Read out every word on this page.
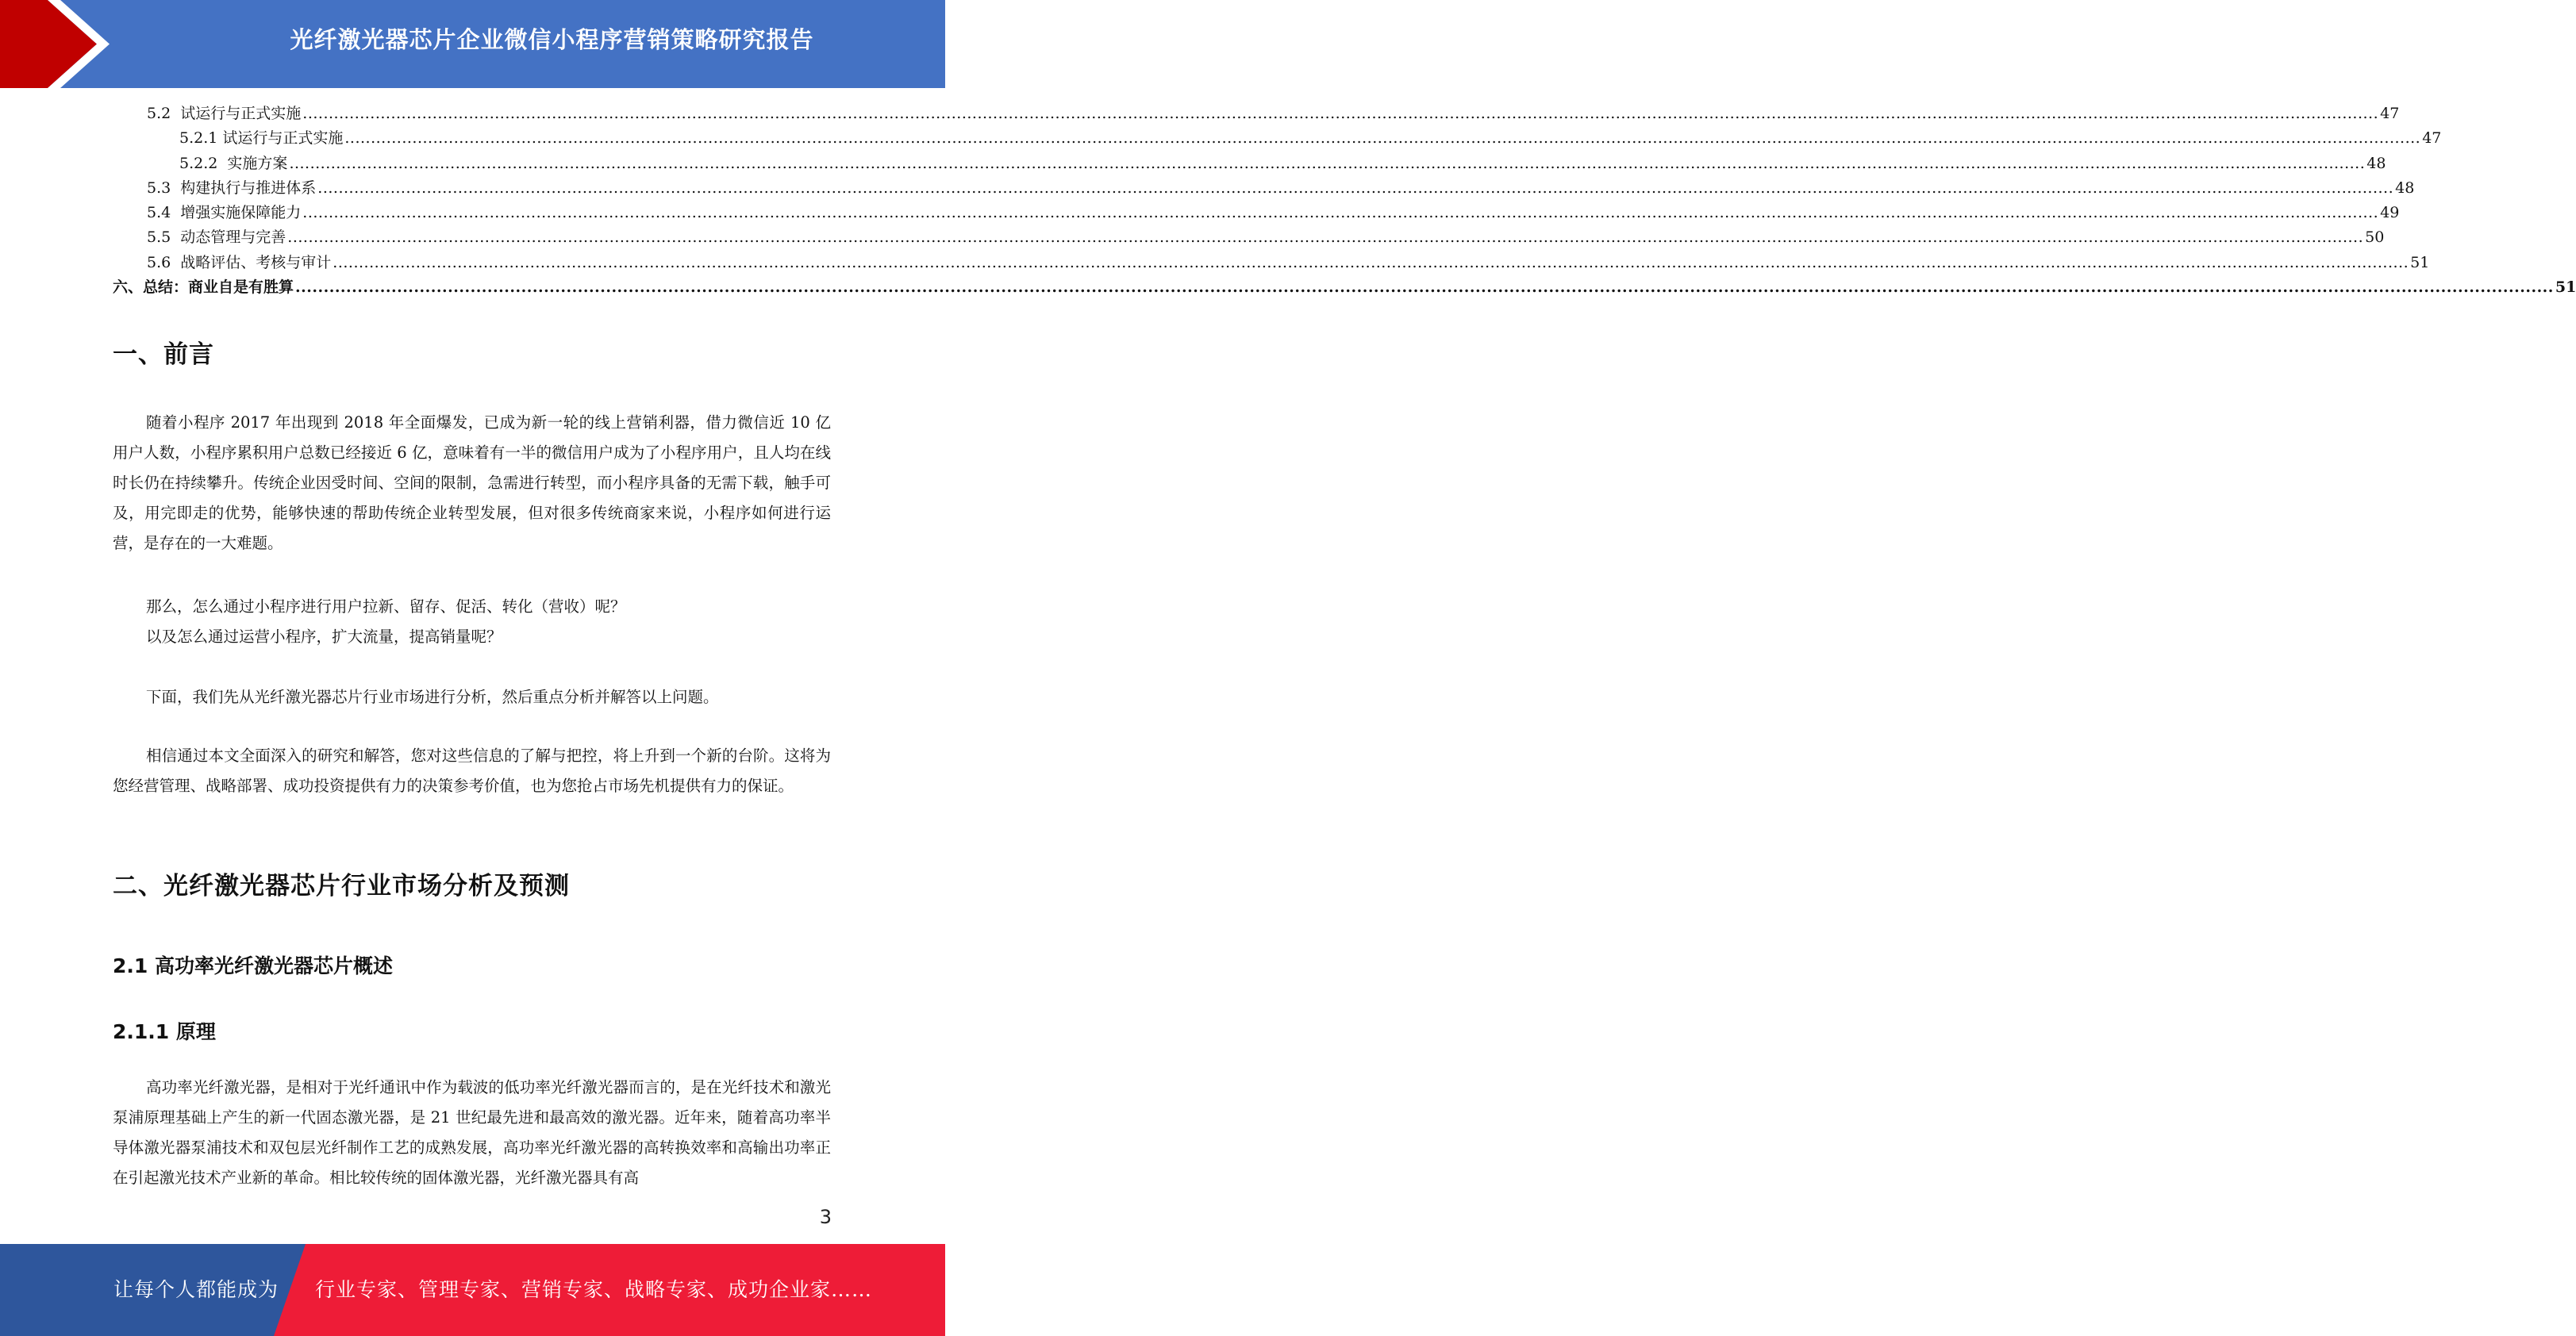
光纤激光器芯片企业微信小程序营销策略研究报告
5.2  试运行与正式实施 ................................................................................................................................................................................................................................................................................................................................................................................................................ 47
5.2.1 试运行与正式实施 ................................................................................................................................................................................................................................................................................................................................................................................................................ 47
5.2.2  实施方案 ................................................................................................................................................................................................................................................................................................................................................................................................................ 48
5.3  构建执行与推进体系 ................................................................................................................................................................................................................................................................................................................................................................................................................ 48
5.4  增强实施保障能力 ................................................................................................................................................................................................................................................................................................................................................................................................................ 49
5.5  动态管理与完善 ................................................................................................................................................................................................................................................................................................................................................................................................................ 50
5.6  战略评估、考核与审计 ................................................................................................................................................................................................................................................................................................................................................................................................................ 51
六、总结：商业自是有胜算 ................................................................................................................................................................................................................................................................................................................................................................................................................ 51
一、前言

随着小程序 2017 年出现到 2018 年全面爆发，已成为新一轮的线上营销利器，借力微信近 10 亿用户人数，小程序累积用户总数已经接近 6 亿，意味着有一半的微信用户成为了小程序用户，且人均在线时长仍在持续攀升。传统企业因受时间、空间的限制，急需进行转型，而小程序具备的无需下载，触手可及，用完即走的优势，能够快速的帮助传统企业转型发展，但对很多传统商家来说，小程序如何进行运营，是存在的一大难题。

那么，怎么通过小程序进行用户拉新、留存、促活、转化（营收）呢？

以及怎么通过运营小程序，扩大流量，提高销量呢？

下面，我们先从光纤激光器芯片行业市场进行分析，然后重点分析并解答以上问题。

相信通过本文全面深入的研究和解答，您对这些信息的了解与把控，将上升到一个新的台阶。这将为您经营管理、战略部署、成功投资提供有力的决策参考价值，也为您抢占市场先机提供有力的保证。

二、光纤激光器芯片行业市场分析及预测
2.1 高功率光纤激光器芯片概述
2.1.1 原理

高功率光纤激光器，是相对于光纤通讯中作为载波的低功率光纤激光器而言的，是在光纤技术和激光泵浦原理基础上产生的新一代固态激光器，是 21 世纪最先进和最高效的激光器。近年来，随着高功率半导体激光器泵浦技术和双包层光纤制作工艺的成熟发展，高功率光纤激光器的高转换效率和高输出功率正在引起激光技术产业新的革命。相比较传统的固体激光器，光纤激光器具有高

3
让每个人都能成为 行业专家、管理专家、营销专家、战略专家、成功企业家……
